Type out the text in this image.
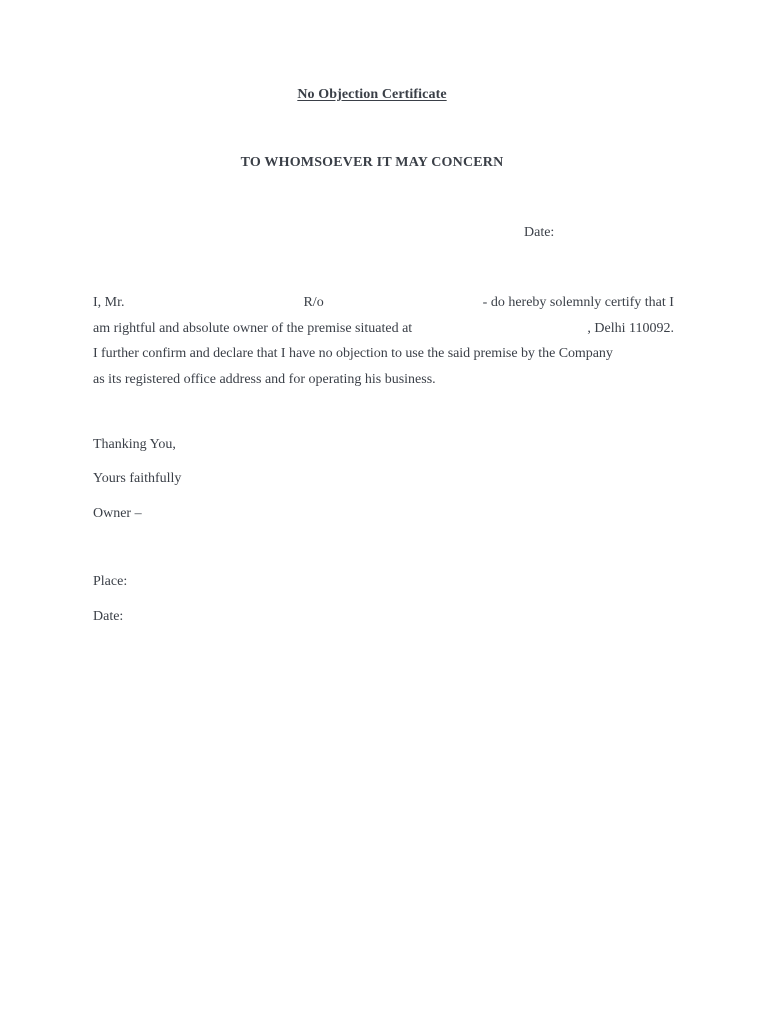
No Objection Certificate
TO WHOMSOEVER IT MAY CONCERN
Date:
I, Mr.	R/o	- do hereby solemnly certify that I
am rightful and absolute owner of the premise situated at	, Delhi 110092.
I further confirm and declare that I have no objection to use the said premise by the Company
as its registered office address and for operating his business.
Thanking You,
Yours faithfully
Owner –
Place:
Date:
